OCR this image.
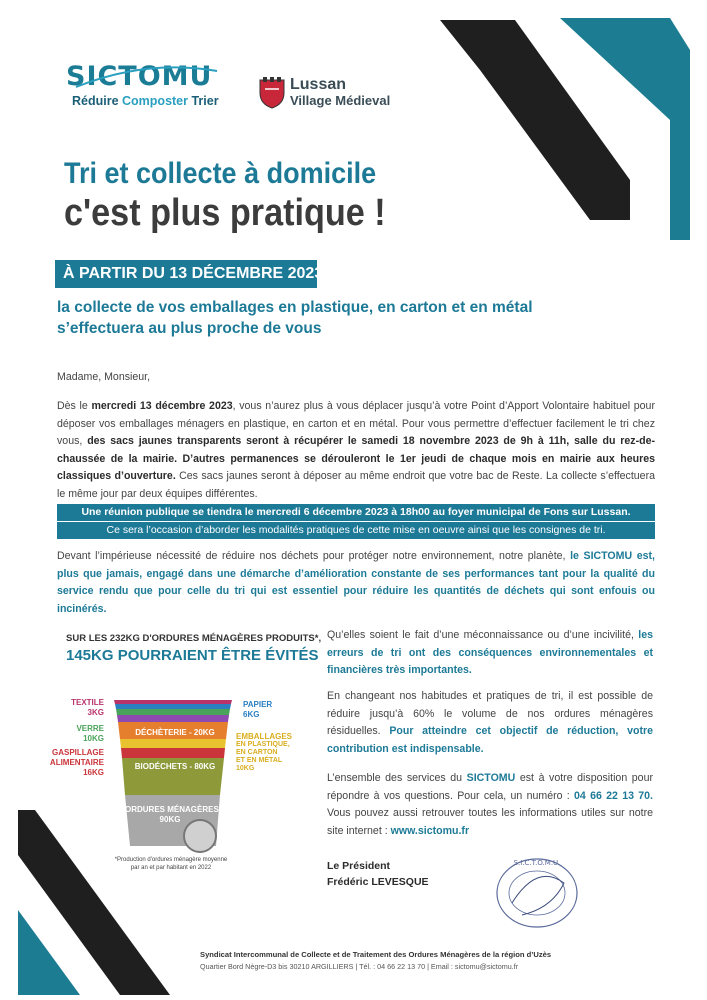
SICTOMU
Réduire Composter Trier
Lussan
Village Médieval
Tri et collecte à domicile
c'est plus pratique !
À PARTIR DU 13 DÉCEMBRE 2023
la collecte de vos emballages en plastique, en carton et en métal
s’effectuera au plus proche de vous
Madame, Monsieur,
Dès le mercredi 13 décembre 2023, vous n’aurez plus à vous déplacer jusqu’à votre Point d’Apport Volontaire habituel pour déposer vos emballages ménagers en plastique, en carton et en métal. Pour vous permettre d’effectuer facilement le tri chez vous, des sacs jaunes transparents seront à récupérer le samedi 18 novembre 2023 de 9h à 11h, salle du rez-de-chaussée de la mairie. D’autres permanences se dérouleront le 1er jeudi de chaque mois en mairie aux heures classiques d’ouverture. Ces sacs jaunes seront à déposer au même endroit que votre bac de Reste. La collecte s’effectuera le même jour par deux équipes différentes.
Une réunion publique se tiendra le mercredi 6 décembre 2023 à 18h00 au foyer municipal de Fons sur Lussan.
Ce sera l’occasion d’aborder les modalités pratiques de cette mise en oeuvre ainsi que les consignes de tri.
Devant l’impérieuse nécessité de réduire nos déchets pour protéger notre environnement, notre planète, le SICTOMU est, plus que jamais, engagé dans une démarche d’amélioration constante de ses performances tant pour la qualité du service rendu que pour celle du tri qui est essentiel pour réduire les quantités de déchets qui sont enfouis ou incinérés.
SUR LES 232KG D'ORDURES MÉNAGÈRES PRODUITS*,
145KG POURRAIENT ÊTRE ÉVITÉS
DÉCHÈTERIE - 20KG
BIODÉCHETS - 80KG
ORDURES MÉNAGÈRES
90KG
TEXTILE
3KG
VERRE
10KG
GASPILLAGE
ALIMENTAIRE
16KG
PAPIER
6KG
EMBALLAGES
EN PLASTIQUE,
EN CARTON
ET EN MÉTAL
10KG
*Production d'ordures ménagère moyenne
par an et par habitant en 2022
Qu’elles soient le fait d’une méconnaissance ou d’une incivilité, les erreurs de tri ont des conséquences environnementales et financières très importantes.
En changeant nos habitudes et pratiques de tri, il est possible de réduire jusqu’à 60% le volume de nos ordures ménagères résiduelles. Pour atteindre cet objectif de réduction, votre contribution est indispensable.
L’ensemble des services du SICTOMU est à votre disposition pour répondre à vos questions. Pour cela, un numéro : 04 66 22 13 70. Vous pouvez aussi retrouver toutes les informations utiles sur notre site internet : www.sictomu.fr
Le Président
Frédéric LEVESQUE
S.I.C.T.O.M.U.
Syndicat Intercommunal de Collecte et de Traitement des Ordures Ménagères de la région d’Uzès
Quartier Bord Nègre-D3 bis 30210 ARGILLIERS | Tél. : 04 66 22 13 70 | Email : sictomu@sictomu.fr
